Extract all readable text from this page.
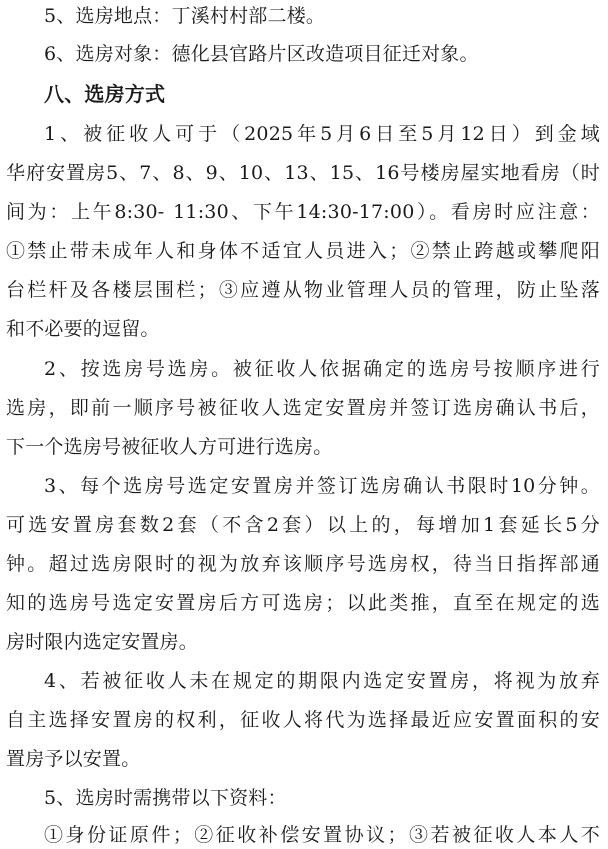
5、选房地点：丁溪村村部二楼。
6、选房对象：德化县官路片区改造项目征迁对象。
八、选房方式
1、被征收人可于（2025年5月6日至5月12日）到金域
华府安置房5、7、8、9、10、13、15、16号楼房屋实地看房（时
间为：上午8:30- 11:30、下午14:30-17:00）。看房时应注意：
①禁止带未成年人和身体不适宜人员进入；②禁止跨越或攀爬阳
台栏杆及各楼层围栏；③应遵从物业管理人员的管理，防止坠落
和不必要的逗留。
2、按选房号选房。被征收人依据确定的选房号按顺序进行
选房，即前一顺序号被征收人选定安置房并签订选房确认书后，
下一个选房号被征收人方可进行选房。
3、每个选房号选定安置房并签订选房确认书限时10分钟。
可选安置房套数2套（不含2套）以上的，每增加1套延长5分
钟。超过选房限时的视为放弃该顺序号选房权，待当日指挥部通
知的选房号选定安置房后方可选房；以此类推，直至在规定的选
房时限内选定安置房。
4、若被征收人未在规定的期限内选定安置房，将视为放弃
自主选择安置房的权利，征收人将代为选择最近应安置面积的安
置房予以安置。
5、选房时需携带以下资料：
①身份证原件；②征收补偿安置协议；③若被征收人本人不
